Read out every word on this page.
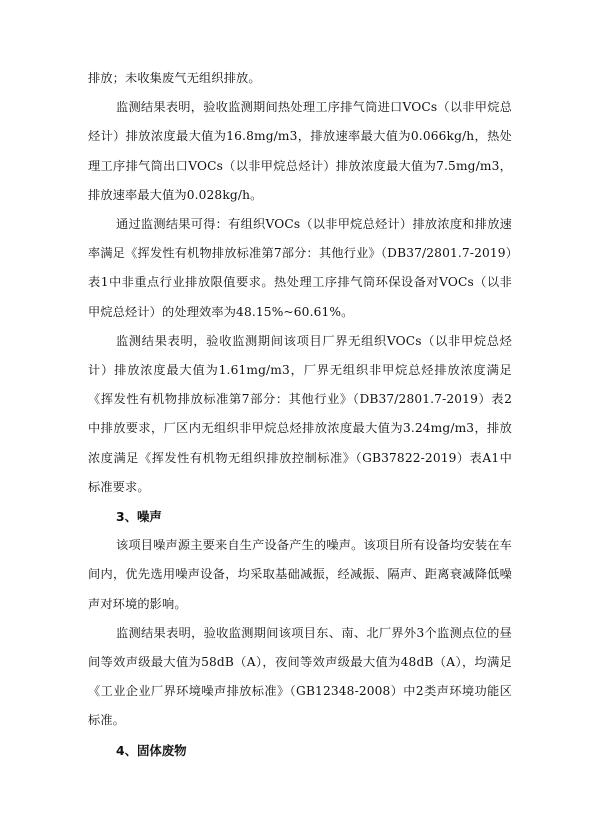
排放；未收集废气无组织排放。

监测结果表明，验收监测期间热处理工序排气筒进口VOCs（以非甲烷总烃计）排放浓度最大值为16.8mg/m3，排放速率最大值为0.066kg/h，热处理工序排气筒出口VOCs（以非甲烷总烃计）排放浓度最大值为7.5mg/m3，排放速率最大值为0.028kg/h。

通过监测结果可得：有组织VOCs（以非甲烷总烃计）排放浓度和排放速率满足《挥发性有机物排放标准第7部分：其他行业》（DB37/2801.7-2019）表1中非重点行业排放限值要求。热处理工序排气筒环保设备对VOCs（以非甲烷总烃计）的处理效率为48.15%~60.61%。

监测结果表明，验收监测期间该项目厂界无组织VOCs（以非甲烷总烃计）排放浓度最大值为1.61mg/m3，厂界无组织非甲烷总烃排放浓度满足《挥发性有机物排放标准第7部分：其他行业》（DB37/2801.7-2019）表2中排放要求，厂区内无组织非甲烷总烃排放浓度最大值为3.24mg/m3，排放浓度满足《挥发性有机物无组织排放控制标准》（GB37822-2019）表A1中标准要求。

3、噪声

该项目噪声源主要来自生产设备产生的噪声。该项目所有设备均安装在车间内，优先选用噪声设备，均采取基础减振，经减振、隔声、距离衰减降低噪声对环境的影响。

监测结果表明，验收监测期间该项目东、南、北厂界外3个监测点位的昼间等效声级最大值为58dB（A），夜间等效声级最大值为48dB（A），均满足《工业企业厂界环境噪声排放标准》（GB12348-2008）中2类声环境功能区标准。

4、固体废物
